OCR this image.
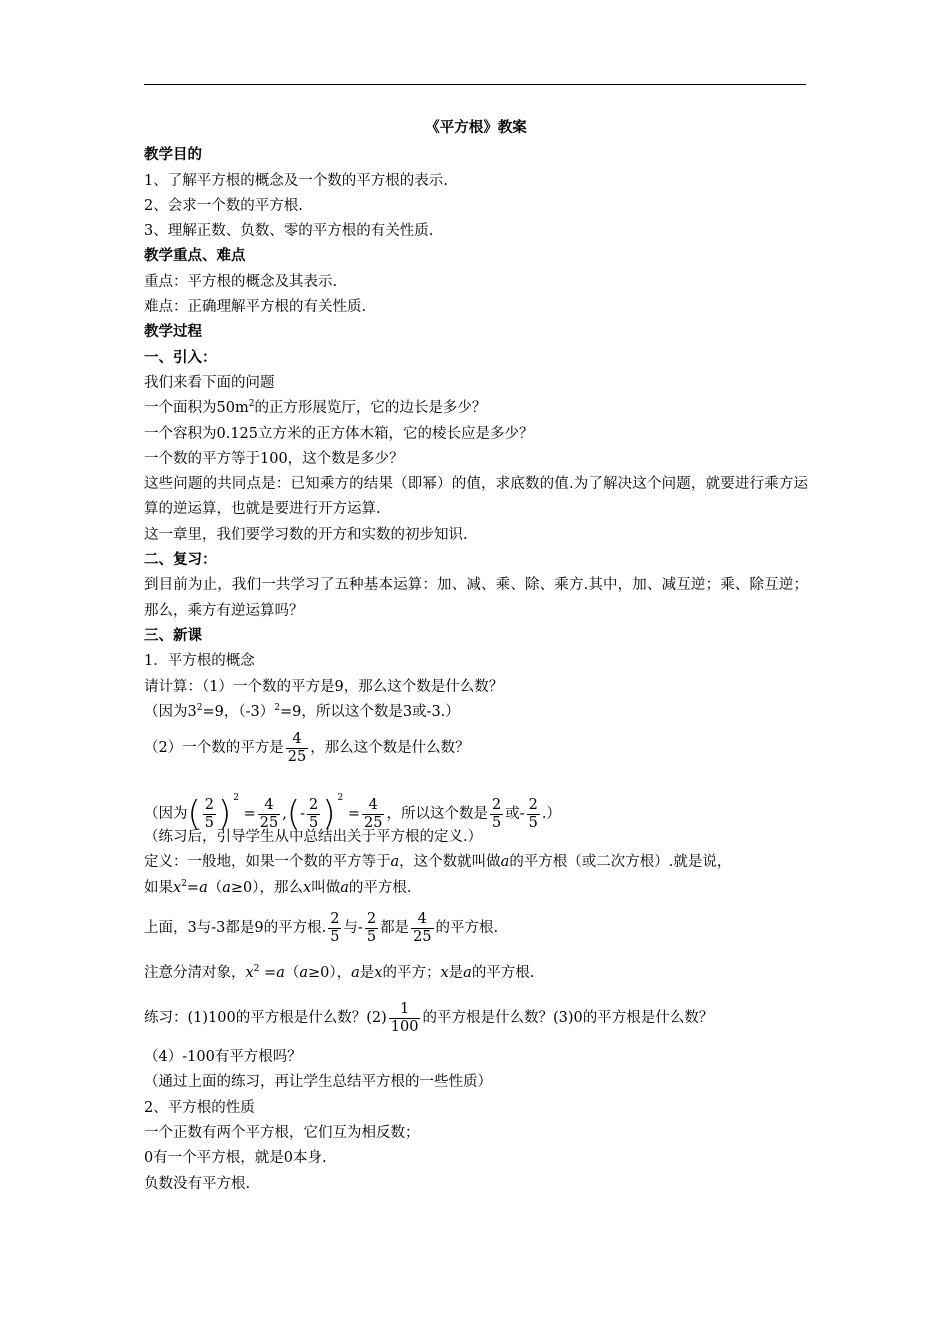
《平方根》教案
教学目的
1、了解平方根的概念及一个数的平方根的表示.
2、会求一个数的平方根.
3、理解正数、负数、零的平方根的有关性质.
教学重点、难点
重点：平方根的概念及其表示.
难点：正确理解平方根的有关性质.
教学过程
一、引入：
我们来看下面的问题
一个面积为$50m^2$的正方形展览厅，它的边长是多少？
一个容积为0.125立方米的正方体木箱，它的棱长应是多少？
一个数的平方等于100，这个数是多少？
这些问题的共同点是：已知乘方的结果（即幂）的值，求底数的值.为了解决这个问题，就要进行乘方运算的逆运算，也就是要进行开方运算.
这一章里，我们要学习数的开方和实数的初步知识.
二、复习：
到目前为止，我们一共学习了五种基本运算：加、减、乘、除、乘方.其中，加、减互逆；乘、除互逆；那么，乘方有逆运算吗？
三、新课
1．平方根的概念
请计算：（1）一个数的平方是9，那么这个数是什么数？
（因为$3^2=9$，$(-3)^2=9$，所以这个数是3或-3.）
（2）一个数的平方是 $\frac{4}{25}$ ，那么这个数是什么数？
（因为( $\frac{2}{5}$ ) $^2 = \frac{4}{25}$ ,(- $\frac{2}{5}$ ) $^2 = \frac{4}{25}$ ，所以这个数是 $\frac{2}{5}$ 或- $\frac{2}{5}$ .）
（练习后，引导学生从中总结出关于平方根的定义.）
定义：一般地，如果一个数的平方等于a，这个数就叫做a的平方根（或二次方根）.就是说，
如果$x^2=a(a\ge 0)$，那么x叫做a的平方根.
上面，3与-3都是9的平方根. $\frac{2}{5}$ 与- $\frac{2}{5}$ 都是 $\frac{4}{25}$ 的平方根.
注意分清对象，$x^2 =a(a\ge 0)$，a是x的平方；x是a的平方根.
练习：(1)100的平方根是什么数？$(2) \frac{1}{100}$ 的平方根是什么数？(3)0的平方根是什么数？
（4）-100有平方根吗？
（通过上面的练习，再让学生总结平方根的一些性质）
2、平方根的性质
一个正数有两个平方根，它们互为相反数；
0有一个平方根，就是0本身.
负数没有平方根.
